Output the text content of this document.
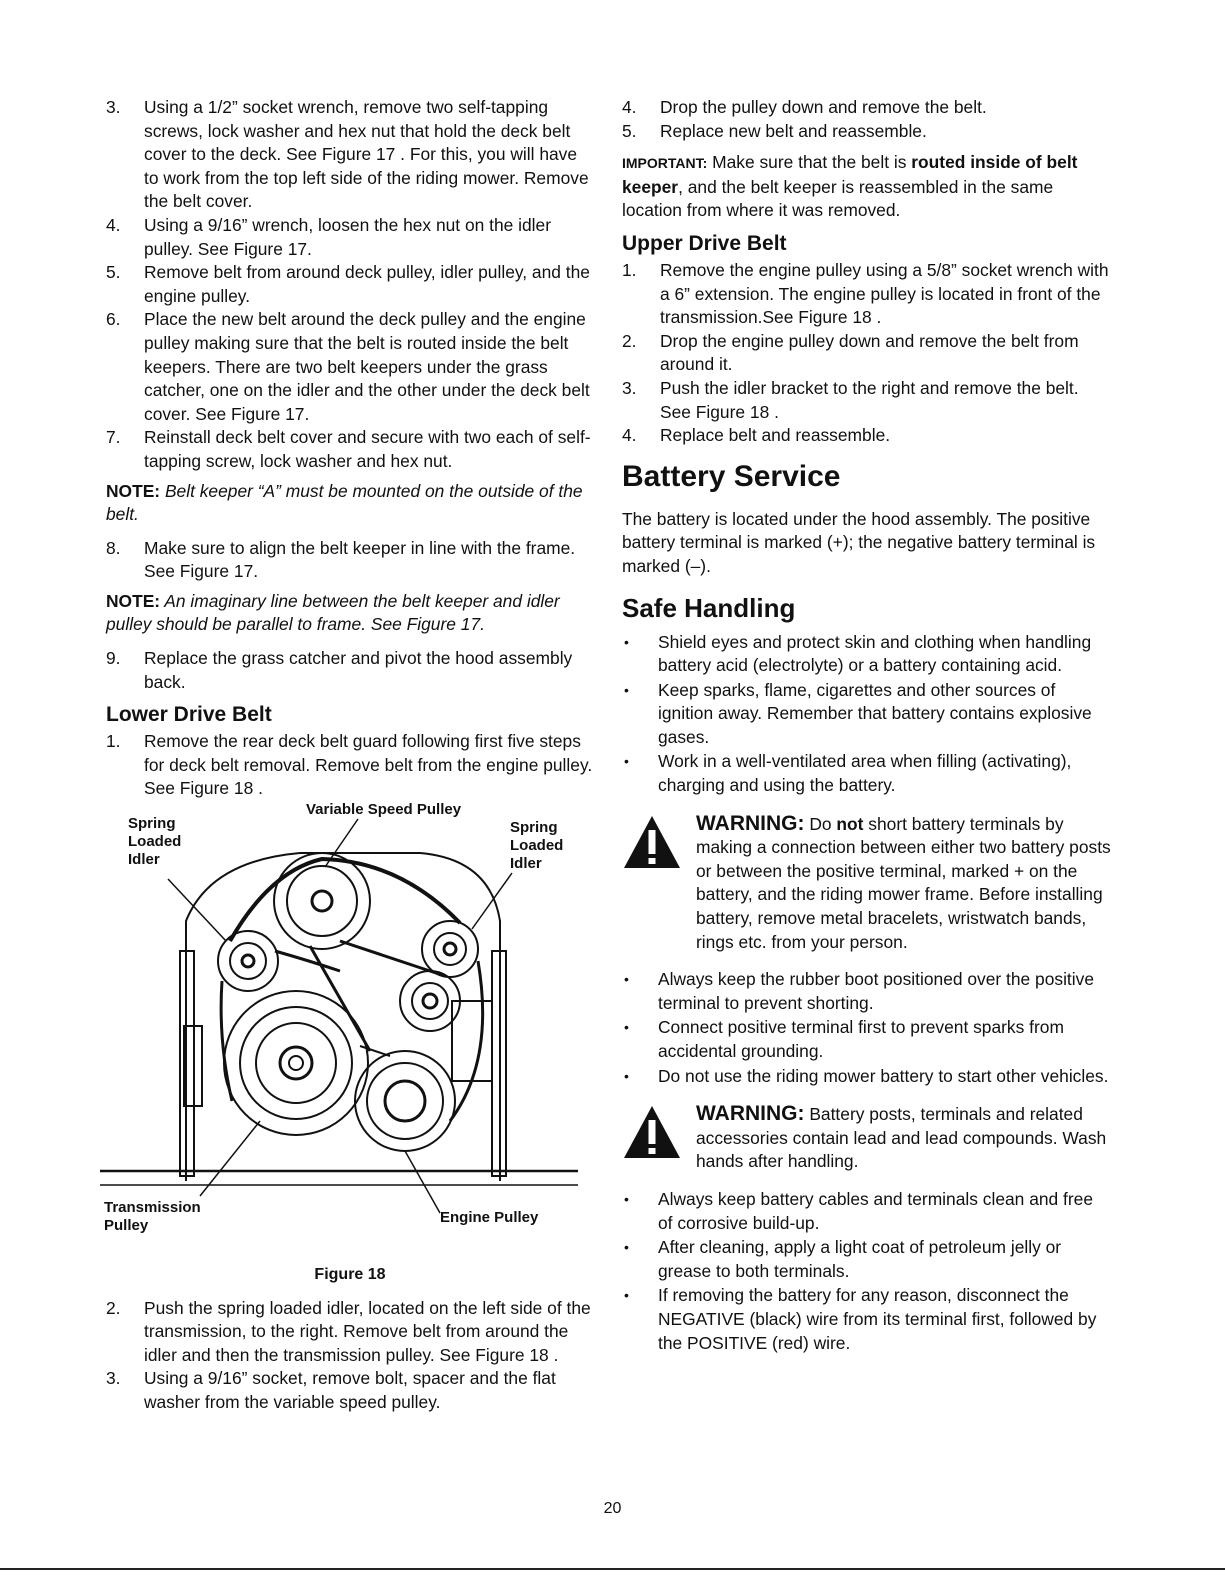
3. Using a 1/2” socket wrench, remove two self-tapping screws, lock washer and hex nut that hold the deck belt cover to the deck. See Figure 17 . For this, you will have to work from the top left side of the riding mower. Remove the belt cover.
4. Using a 9/16” wrench, loosen the hex nut on the idler pulley. See Figure 17.
5. Remove belt from around deck pulley, idler pulley, and the engine pulley.
6. Place the new belt around the deck pulley and the engine pulley making sure that the belt is routed inside the belt keepers. There are two belt keepers under the grass catcher, one on the idler and the other under the deck belt cover. See Figure 17.
7. Reinstall deck belt cover and secure with two each of self-tapping screw, lock washer and hex nut.
NOTE: Belt keeper “A” must be mounted on the outside of the belt.
8. Make sure to align the belt keeper in line with the frame. See Figure 17.
NOTE: An imaginary line between the belt keeper and idler pulley should be parallel to frame. See Figure 17.
9. Replace the grass catcher and pivot the hood assembly back.
Lower Drive Belt
1. Remove the rear deck belt guard following first five steps for deck belt removal. Remove belt from the engine pulley. See Figure 18 .
Variable Speed Pulley
Spring Loaded Idler
Spring Loaded Idler
Transmission Pulley	Engine Pulley
Figure 18
2. Push the spring loaded idler, located on the left side of the transmission, to the right. Remove belt from around the idler and then the transmission pulley. See Figure 18 .
3. Using a 9/16” socket, remove bolt, spacer and the flat washer from the variable speed pulley.
4. Drop the pulley down and remove the belt.
5. Replace new belt and reassemble.

IMPORTANT: Make sure that the belt is routed inside of belt keeper, and the belt keeper is reassembled in the same location from where it was removed.

Upper Drive Belt
1. Remove the engine pulley using a 5/8” socket wrench with a 6” extension. The engine pulley is located in front of the transmission.See Figure 18 .
2. Drop the engine pulley down and remove the belt from around it.
3. Push the idler bracket to the right and remove the belt. See Figure 18 .
4. Replace belt and reassemble.
Battery Service

The battery is located under the hood assembly. The positive battery terminal is marked (+); the negative battery terminal is marked (–).

Safe Handling
• Shield eyes and protect skin and clothing when handling battery acid (electrolyte) or a battery containing acid.
• Keep sparks, flame, cigarettes and other sources of ignition away. Remember that battery contains explosive gases.
• Work in a well-ventilated area when filling (activating), charging and using the battery.
WARNING: Do not short battery terminals by making a connection between either two battery posts or between the positive terminal, marked + on the battery, and the riding mower frame. Before installing battery, remove metal bracelets, wristwatch bands, rings etc. from your person.
• Always keep the rubber boot positioned over the positive terminal to prevent shorting.
• Connect positive terminal first to prevent sparks from accidental grounding.
• Do not use the riding mower battery to start other vehicles.
WARNING: Battery posts, terminals and related accessories contain lead and lead compounds. Wash hands after handling.
• Always keep battery cables and terminals clean and free of corrosive build-up.
• After cleaning, apply a light coat of petroleum jelly or grease to both terminals.
• If removing the battery for any reason, disconnect the NEGATIVE (black) wire from its terminal first, followed by the POSITIVE (red) wire.
20
